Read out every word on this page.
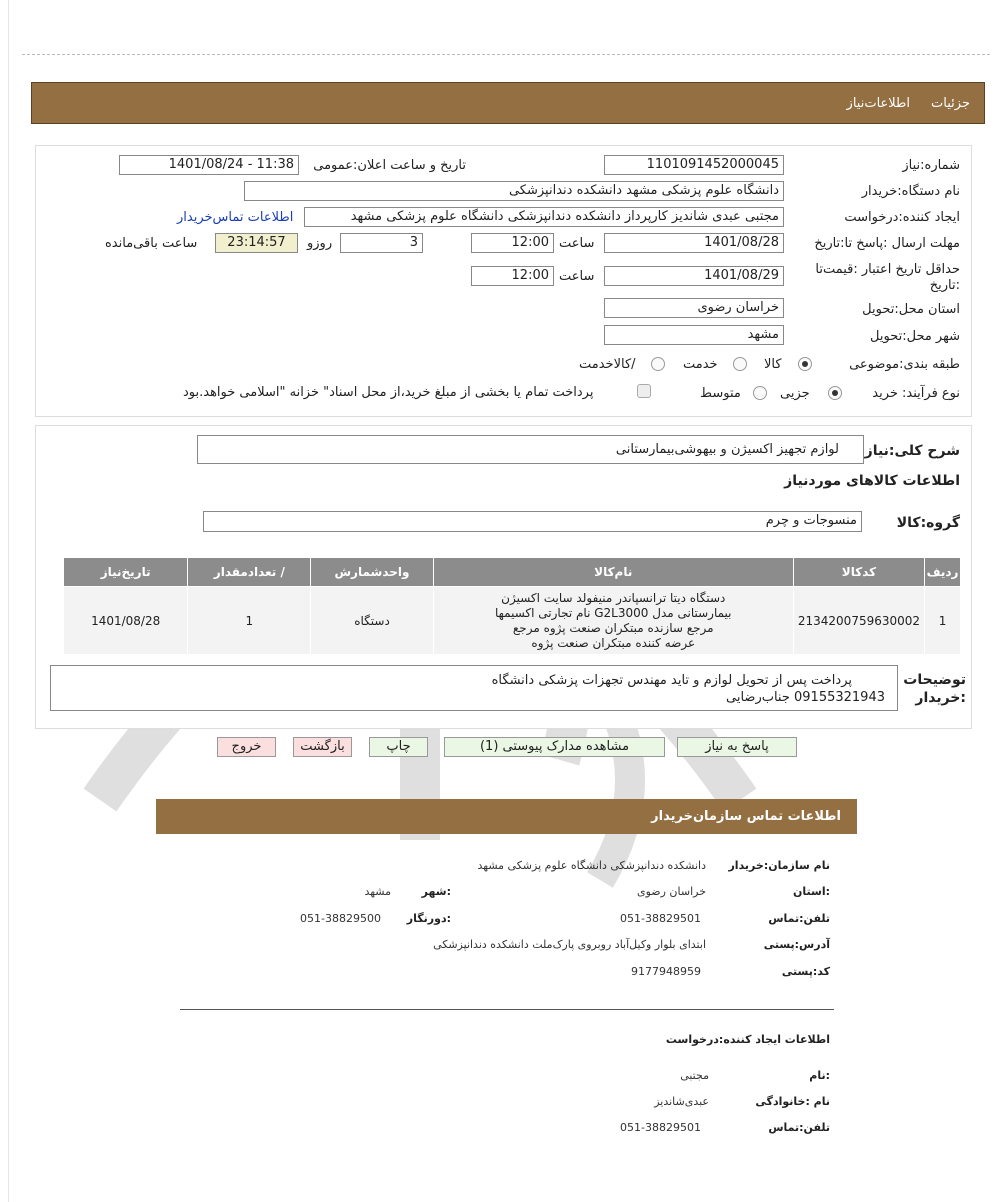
جزئیات
اطلاعات‌نیاز
شماره:نیاز
1101091452000045
تاریخ و ساعت اعلان:عمومی
1401/08/24 - 11:38
نام دستگاه:خریدار
دانشگاه علوم پزشکی مشهد دانشکده دندانپزشکی
ایجاد کننده:درخواست
مجتبی عبدی شاندیز کارپرداز دانشکده دندانپزشکی دانشگاه علوم پزشکی مشهد
اطلاعات تماس‌خریدار
مهلت ارسال :پاسخ تا:تاریخ
1401/08/28
ساعت
12:00
3
روزو
23:14:57
ساعت باقی‌مانده
حداقل تاریخ اعتبار :قیمت‌تا
:تاریخ
1401/08/29
ساعت
12:00
استان محل:تحویل
خراسان رضوی
شهر محل:تحویل
مشهد
طبقه بندی:موضوعی
کالا
خدمت
/کالاخدمت
نوع فرآیند: خرید
جزیی
متوسط
پرداخت تمام یا بخشی از مبلغ خرید،از محل اسناد" خزانه "اسلامی خواهد.بود
شرح کلی:نیاز
لوازم تجهیز اکسیژن و بیهوشی‌بیمارستانی
اطلاعات کالاهای موردنیاز
گروه:کالا
منسوجات و چرم
ردیف	کدکالا	نام‌کالا	واحدشمارش	/ تعدادمقدار	تاریخ‌نیاز
1	2134200759630002	دستگاه دیتا ترانسپاندر منیفولد سایت اکسیژن
بیمارستانی مدل G2L3000 نام تجارتی اکسیمها
مرجع سازنده مبتکران صنعت پژوه مرجع
عرضه کننده مبتکران صنعت پژوه	دستگاه	1	1401/08/28
توضیحات
:خریدار
پرداخت پس از تحویل لوازم و تاید مهندس تجهزات پزشکی دانشگاه
09155321943 جناب‌رضایی
پاسخ به نیاز
مشاهده مدارک پیوستی (1)
چاپ
بازگشت
خروج
اطلاعات تماس سازمان‌خریدار
نام سازمان:خریدار
دانشکده دندانپزشکی دانشگاه علوم پزشکی مشهد
:استان
خراسان رضوی
:شهر
مشهد
تلفن:تماس
051-38829501
:دورنگار
051-38829500
آدرس:پستی
ابتدای بلوار وکیل‌آباد روبروی پارک‌ملت دانشکده دندانپزشکی
کد:پستی
9177948959
اطلاعات ایجاد کننده:درخواست
:نام
مجتبی
نام :خانوادگی
عبدی‌شاندیز
تلفن:تماس
051-38829501
